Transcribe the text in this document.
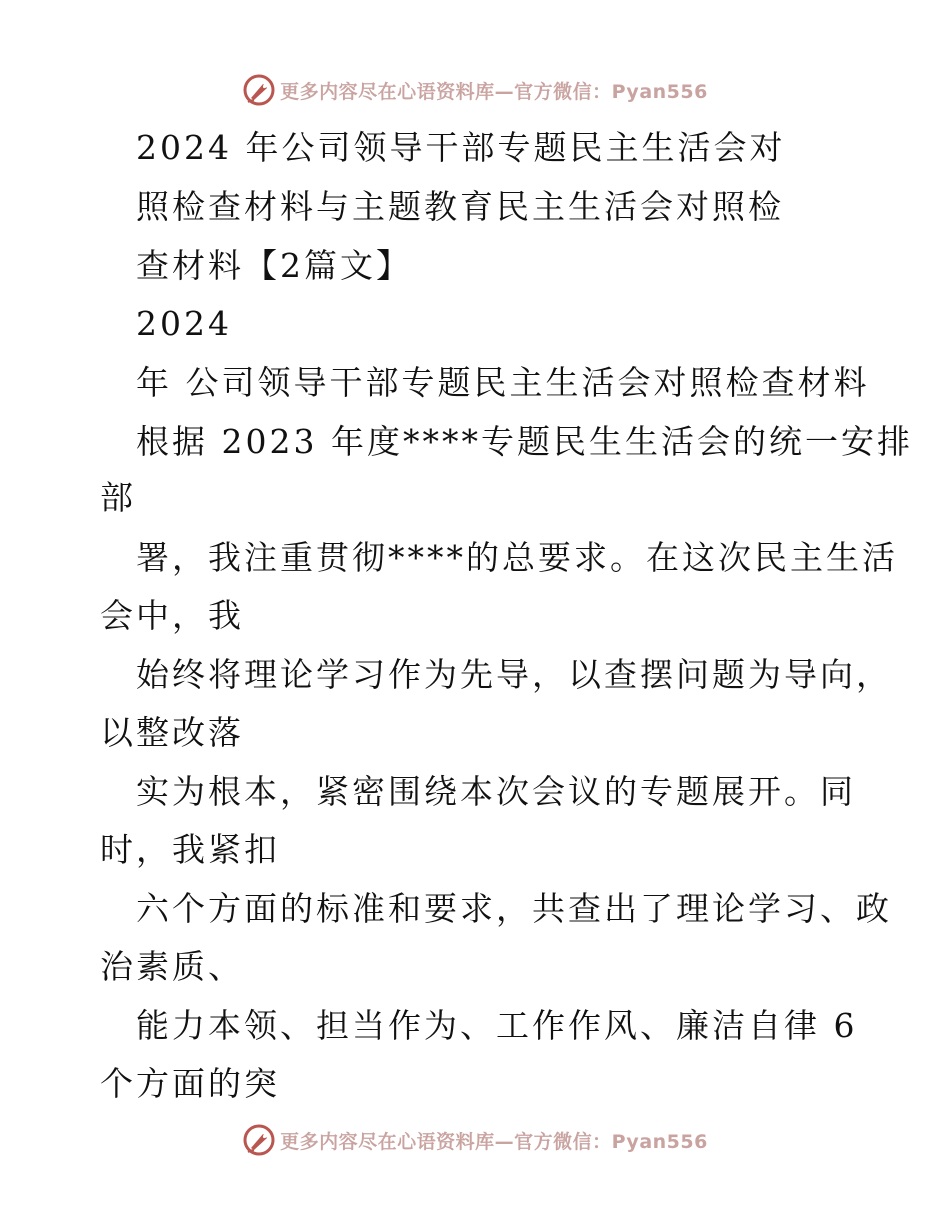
更多内容尽在心语资料库—官方微信：Pyan556
2024 年公司领导干部专题民主生活会对
照检查材料与主题教育民主生活会对照检
查材料【2篇文】
2024
年 公司领导干部专题民主生活会对照检查材料
根据 2023 年度****专题民生生活会的统一安排
部
署，我注重贯彻****的总要求。在这次民主生活
会中，我
始终将理论学习作为先导，以查摆问题为导向，
以整改落
实为根本，紧密围绕本次会议的专题展开。同
时，我紧扣
六个方面的标准和要求，共查出了理论学习、政
治素质、
能力本领、担当作为、工作作风、廉洁自律 6
个方面的突
更多内容尽在心语资料库—官方微信：Pyan556
